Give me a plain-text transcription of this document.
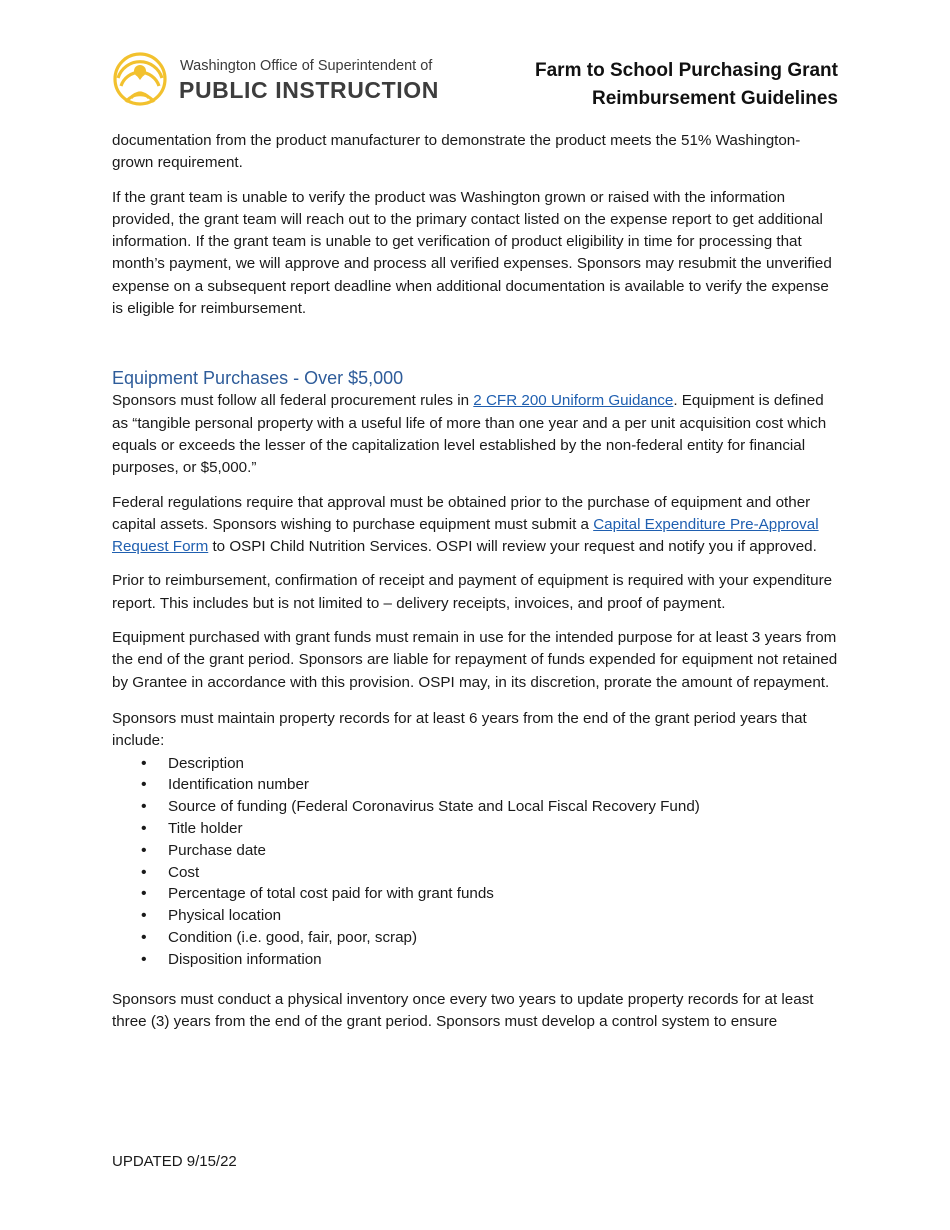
Washington Office of Superintendent of
PUBLIC INSTRUCTION
Farm to School Purchasing Grant
Reimbursement Guidelines

documentation from the product manufacturer to demonstrate the product meets the 51% Washington-grown requirement.

If the grant team is unable to verify the product was Washington grown or raised with the information provided, the grant team will reach out to the primary contact listed on the expense report to get additional information. If the grant team is unable to get verification of product eligibility in time for processing that month’s payment, we will approve and process all verified expenses. Sponsors may resubmit the unverified expense on a subsequent report deadline when additional documentation is available to verify the expense is eligible for reimbursement.

Equipment Purchases - Over $5,000

Sponsors must follow all federal procurement rules in 2 CFR 200 Uniform Guidance. Equipment is defined as “tangible personal property with a useful life of more than one year and a per unit acquisition cost which equals or exceeds the lesser of the capitalization level established by the non-federal entity for financial purposes, or $5,000.”

Federal regulations require that approval must be obtained prior to the purchase of equipment and other capital assets. Sponsors wishing to purchase equipment must submit a Capital Expenditure Pre-Approval Request Form to OSPI Child Nutrition Services. OSPI will review your request and notify you if approved.

Prior to reimbursement, confirmation of receipt and payment of equipment is required with your expenditure report. This includes but is not limited to – delivery receipts, invoices, and proof of payment.

Equipment purchased with grant funds must remain in use for the intended purpose for at least 3 years from the end of the grant period. Sponsors are liable for repayment of funds expended for equipment not retained by Grantee in accordance with this provision. OSPI may, in its discretion, prorate the amount of repayment.

Sponsors must maintain property records for at least 6 years from the end of the grant period years that include:

• Description
• Identification number
• Source of funding (Federal Coronavirus State and Local Fiscal Recovery Fund)
• Title holder
• Purchase date
• Cost
• Percentage of total cost paid for with grant funds
• Physical location
• Condition (i.e. good, fair, poor, scrap)
• Disposition information

Sponsors must conduct a physical inventory once every two years to update property records for at least three (3) years from the end of the grant period. Sponsors must develop a control system to ensure

UPDATED 9/15/22
